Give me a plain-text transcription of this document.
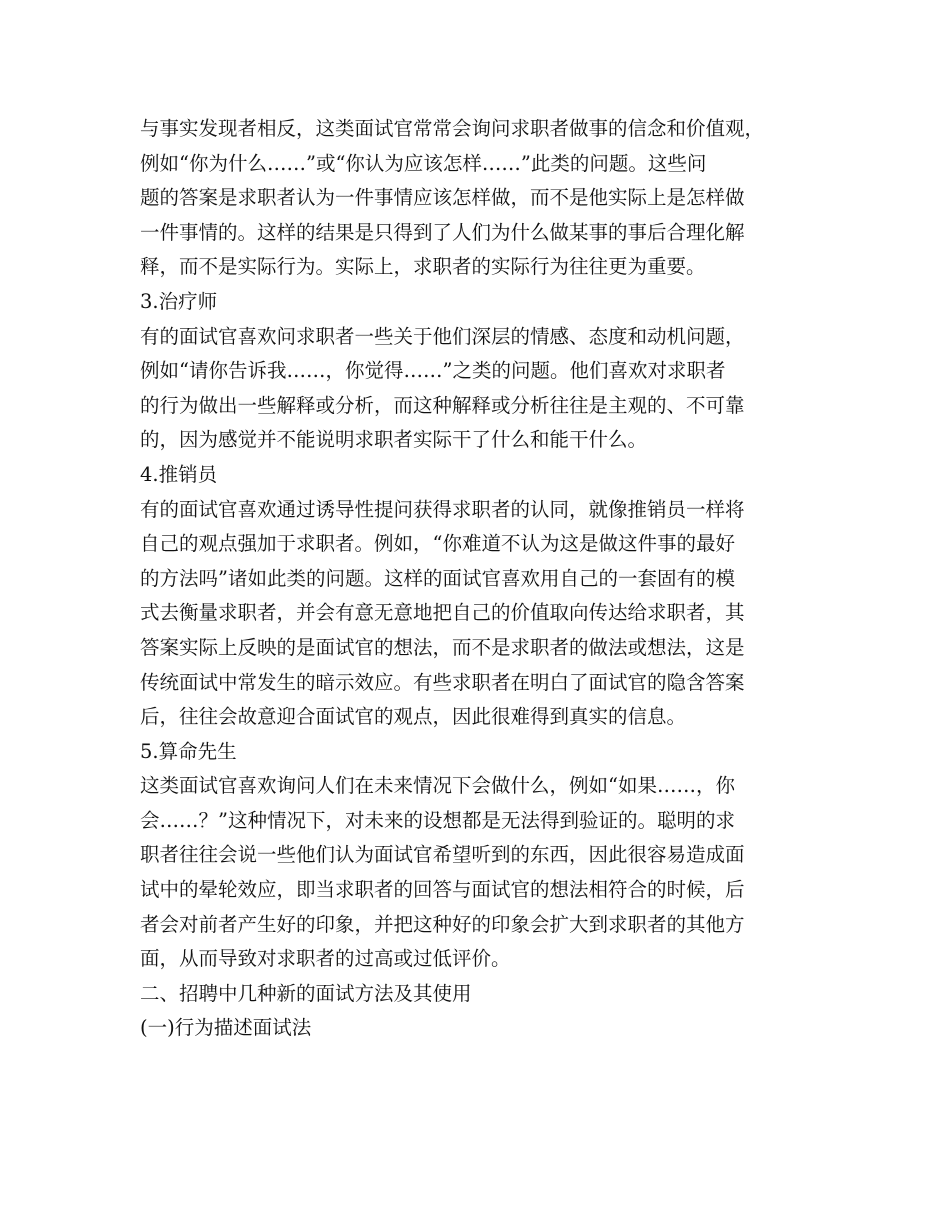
与事实发现者相反，这类面试官常常会询问求职者做事的信念和价值观，

例如“你为什么……”或“你认为应该怎样……”此类的问题。这些问

题的答案是求职者认为一件事情应该怎样做，而不是他实际上是怎样做

一件事情的。这样的结果是只得到了人们为什么做某事的事后合理化解

释，而不是实际行为。实际上，求职者的实际行为往往更为重要。

3.治疗师

有的面试官喜欢问求职者一些关于他们深层的情感、态度和动机问题，

例如“请你告诉我……，你觉得……”之类的问题。他们喜欢对求职者

的行为做出一些解释或分析，而这种解释或分析往往是主观的、不可靠

的，因为感觉并不能说明求职者实际干了什么和能干什么。

4.推销员

有的面试官喜欢通过诱导性提问获得求职者的认同，就像推销员一样将

自己的观点强加于求职者。例如，“你难道不认为这是做这件事的最好

的方法吗”诸如此类的问题。这样的面试官喜欢用自己的一套固有的模

式去衡量求职者，并会有意无意地把自己的价值取向传达给求职者，其

答案实际上反映的是面试官的想法，而不是求职者的做法或想法，这是

传统面试中常发生的暗示效应。有些求职者在明白了面试官的隐含答案

后，往往会故意迎合面试官的观点，因此很难得到真实的信息。

5.算命先生

这类面试官喜欢询问人们在未来情况下会做什么，例如“如果……，你

会……？”这种情况下，对未来的设想都是无法得到验证的。聪明的求

职者往往会说一些他们认为面试官希望听到的东西，因此很容易造成面

试中的晕轮效应，即当求职者的回答与面试官的想法相符合的时候，后

者会对前者产生好的印象，并把这种好的印象会扩大到求职者的其他方

面，从而导致对求职者的过高或过低评价。

二、招聘中几种新的面试方法及其使用

(一)行为描述面试法
